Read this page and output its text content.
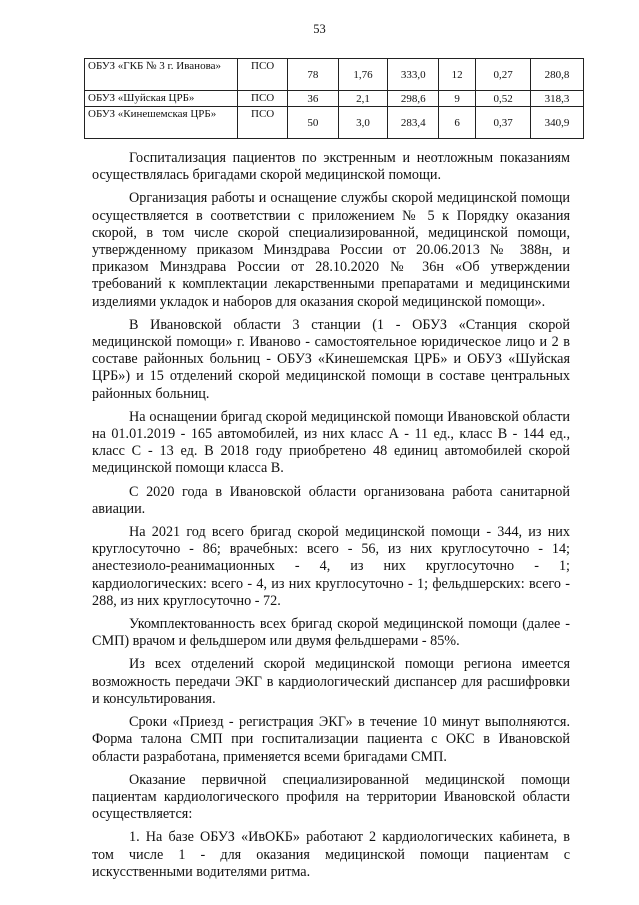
53
ОБУЗ «ГКБ № 3 г. Иванова»	ПСО	78	1,76	333,0	12	0,27	280,8
ОБУЗ «Шуйская ЦРБ»	ПСО	36	2,1	298,6	9	0,52	318,3
ОБУЗ «Кинешемская ЦРБ»	ПСО	50	3,0	283,4	6	0,37	340,9

Госпитализация пациентов по экстренным и неотложным показаниям осуществлялась бригадами скорой медицинской помощи.

Организация работы и оснащение службы скорой медицинской помощи осуществляется в соответствии с приложением № 5 к Порядку оказания скорой, в том числе скорой специализированной, медицинской помощи, утвержденному приказом Минздрава России от 20.06.2013 № 388н, и приказом Минздрава России от 28.10.2020 № 36н «Об утверждении требований к комплектации лекарственными препаратами и медицинскими изделиями укладок и наборов для оказания скорой медицинской помощи».

В Ивановской области 3 станции (1 - ОБУЗ «Станция скорой медицинской помощи» г. Иваново - самостоятельное юридическое лицо и 2 в составе районных больниц - ОБУЗ «Кинешемская ЦРБ» и ОБУЗ «Шуйская ЦРБ») и 15 отделений скорой медицинской помощи в составе центральных районных больниц.

На оснащении бригад скорой медицинской помощи Ивановской области на 01.01.2019 - 165 автомобилей, из них класс А - 11 ед., класс В - 144 ед., класс С - 13 ед. В 2018 году приобретено 48 единиц автомобилей скорой медицинской помощи класса В.

С 2020 года в Ивановской области организована работа санитарной авиации.

На 2021 год всего бригад скорой медицинской помощи - 344, из них круглосуточно - 86; врачебных: всего - 56, из них круглосуточно - 14; анестезиоло-реанимационных - 4, из них круглосуточно - 1; кардиологических: всего - 4, из них круглосуточно - 1; фельдшерских: всего - 288, из них круглосуточно - 72.

Укомплектованность всех бригад скорой медицинской помощи (далее - СМП) врачом и фельдшером или двумя фельдшерами - 85%.

Из всех отделений скорой медицинской помощи региона имеется возможность передачи ЭКГ в кардиологический диспансер для расшифровки и консультирования.

Сроки «Приезд - регистрация ЭКГ» в течение 10 минут выполняются. Форма талона СМП при госпитализации пациента с ОКС в Ивановской области разработана, применяется всеми бригадами СМП.

Оказание первичной специализированной медицинской помощи пациентам кардиологического профиля на территории Ивановской области осуществляется:

1. На базе ОБУЗ «ИвОКБ» работают 2 кардиологических кабинета, в том числе 1 - для оказания медицинской помощи пациентам с искусственными водителями ритма.
